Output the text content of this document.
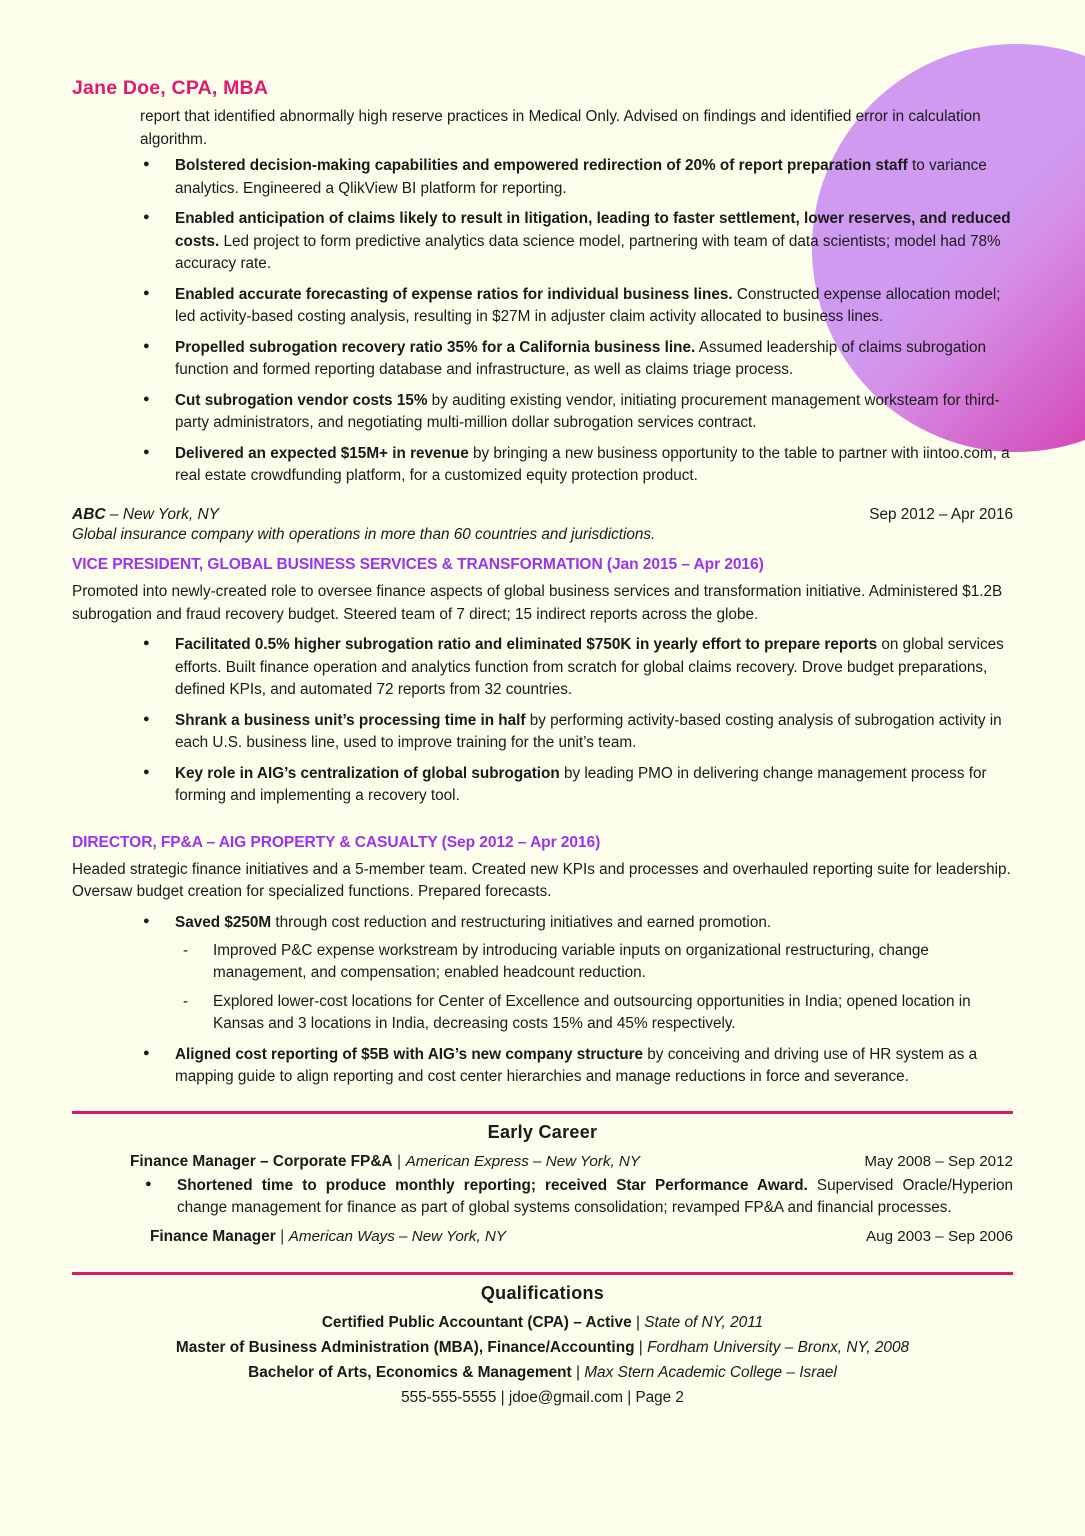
Jane Doe, CPA, MBA

report that identified abnormally high reserve practices in Medical Only. Advised on findings and identified error in calculation algorithm.

● Bolstered decision-making capabilities and empowered redirection of 20% of report preparation staff to variance analytics. Engineered a QlikView BI platform for reporting.
● Enabled anticipation of claims likely to result in litigation, leading to faster settlement, lower reserves, and reduced costs. Led project to form predictive analytics data science model, partnering with team of data scientists; model had 78% accuracy rate.
● Enabled accurate forecasting of expense ratios for individual business lines. Constructed expense allocation model; led activity-based costing analysis, resulting in $27M in adjuster claim activity allocated to business lines.
● Propelled subrogation recovery ratio 35% for a California business line. Assumed leadership of claims subrogation function and formed reporting database and infrastructure, as well as claims triage process.
● Cut subrogation vendor costs 15% by auditing existing vendor, initiating procurement management worksteam for third-party administrators, and negotiating multi-million dollar subrogation services contract.
● Delivered an expected $15M+ in revenue by bringing a new business opportunity to the table to partner with iintoo.com, a real estate crowdfunding platform, for a customized equity protection product.
ABC – New York, NY	Sep 2012 – Apr 2016
Global insurance company with operations in more than 60 countries and jurisdictions.
VICE PRESIDENT, GLOBAL BUSINESS SERVICES & TRANSFORMATION (Jan 2015 – Apr 2016)

Promoted into newly-created role to oversee finance aspects of global business services and transformation initiative. Administered $1.2B subrogation and fraud recovery budget. Steered team of 7 direct; 15 indirect reports across the globe.

● Facilitated 0.5% higher subrogation ratio and eliminated $750K in yearly effort to prepare reports on global services efforts. Built finance operation and analytics function from scratch for global claims recovery. Drove budget preparations, defined KPIs, and automated 72 reports from 32 countries.
● Shrank a business unit’s processing time in half by performing activity-based costing analysis of subrogation activity in each U.S. business line, used to improve training for the unit’s team.
● Key role in AIG’s centralization of global subrogation by leading PMO in delivering change management process for forming and implementing a recovery tool.
DIRECTOR, FP&A – AIG PROPERTY & CASUALTY (Sep 2012 – Apr 2016)

Headed strategic finance initiatives and a 5-member team. Created new KPIs and processes and overhauled reporting suite for leadership. Oversaw budget creation for specialized functions. Prepared forecasts.

● Saved $250M through cost reduction and restructuring initiatives and earned promotion.
- Improved P&C expense workstream by introducing variable inputs on organizational restructuring, change management, and compensation; enabled headcount reduction.
- Explored lower-cost locations for Center of Excellence and outsourcing opportunities in India; opened location in Kansas and 3 locations in India, decreasing costs 15% and 45% respectively.
● Aligned cost reporting of $5B with AIG’s new company structure by conceiving and driving use of HR system as a mapping guide to align reporting and cost center hierarchies and manage reductions in force and severance.
Early Career
Finance Manager – Corporate FP&A | American Express – New York, NY	May 2008 – Sep 2012
● Shortened time to produce monthly reporting; received Star Performance Award. Supervised Oracle/Hyperion change management for finance as part of global systems consolidation; revamped FP&A and financial processes.
Finance Manager | American Ways – New York, NY	Aug 2003 – Sep 2006
Qualifications
Certified Public Accountant (CPA) – Active | State of NY, 2011
Master of Business Administration (MBA), Finance/Accounting | Fordham University – Bronx, NY, 2008
Bachelor of Arts, Economics & Management | Max Stern Academic College – Israel
555-555-5555 | jdoe@gmail.com | Page 2
